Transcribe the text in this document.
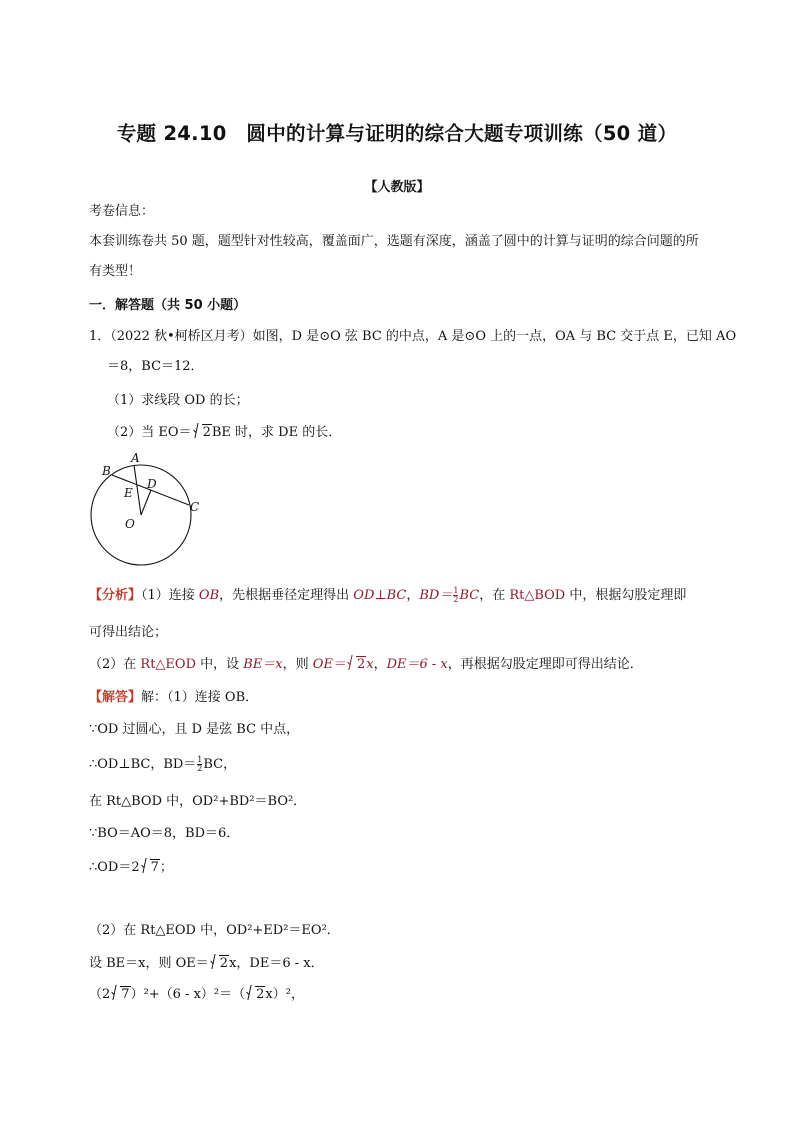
专题 24.10　圆中的计算与证明的综合大题专项训练（50 道）
【人教版】
考卷信息：
本套训练卷共 50 题，题型针对性较高，覆盖面广，选题有深度，涵盖了圆中的计算与证明的综合问题的所
有类型！
一．解答题（共 50 小题）
1．（2022 秋•柯桥区月考）如图，D 是⊙O 弦 BC 的中点，A 是⊙O 上的一点，OA 与 BC 交于点 E，已知 AO
＝8，BC＝12．
（1）求线段 OD 的长；
（2）当 EO＝ 2BE 时，求 DE 的长．
A
B
C
D
E
O
【分析】（1）连接 OB，先根据垂径定理得出 OD⊥BC，$BD= \frac{1}{2}$ BC，在 Rt△BOD 中，根据勾股定理即
可得出结论；
（2）在 Rt△EOD 中，设 BE＝x，则 OE＝ 2x，DE＝6 - x，再根据勾股定理即可得出结论．
【解答】解：（1）连接 OB．
∵OD 过圆心，且 D 是弦 BC 中点，
∴OD⊥BC，$BD= \frac{1}{2}$ BC，
在 Rt△BOD 中，OD²+BD²＝BO²．
∵BO＝AO＝8，BD＝6．
∴OD＝2 7；
（2）在 Rt△EOD 中，OD²+ED²＝EO²．
设 BE＝x，则 OE＝ 2x，DE＝6 - x．
（2 7）²+（6 - x）²＝（ 2x）²，
